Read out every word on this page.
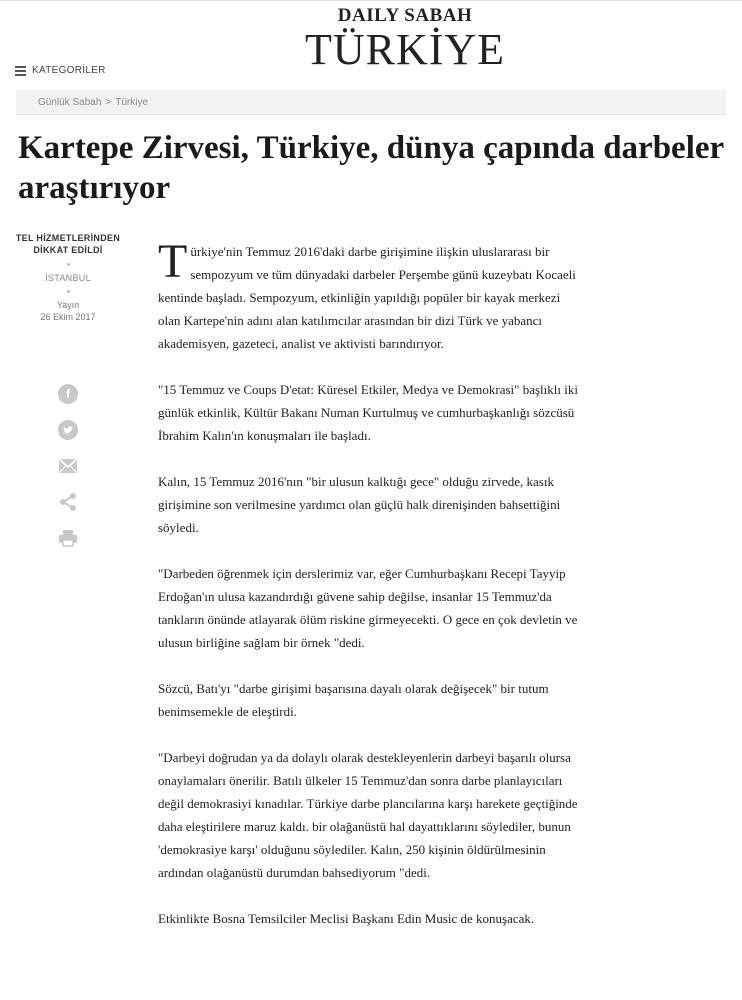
KATEGORİLER
DAILY SABAH
TÜRKİYE
Günlük Sabah > Türkiye
Kartepe Zirvesi, Türkiye, dünya çapında darbeler araştırıyor
TEL HİZMETLERİNDEN DİKKAT EDİLDİ
İSTANBUL
Yayın
26 Ekim 2017
f

Türkiye'nin Temmuz 2016'daki darbe girişimine ilişkin uluslararası bir sempozyum ve tüm dünyadaki darbeler Perşembe günü kuzeybatı Kocaeli kentinde başladı. Sempozyum, etkinliğin yapıldığı popüler bir kayak merkezi olan Kartepe'nin adını alan katılımcılar arasından bir dizi Türk ve yabancı akademisyen, gazeteci, analist ve aktivisti barındırıyor.

"15 Temmuz ve Coups D'etat: Küresel Etkiler, Medya ve Demokrasi" başlıklı iki günlük etkinlik, Kültür Bakanı Numan Kurtulmuş ve cumhurbaşkanlığı sözcüsü İbrahim Kalın'ın konuşmaları ile başladı.

Kalın, 15 Temmuz 2016'nın "bir ulusun kalktığı gece" olduğu zirvede, kasık girişimine son verilmesine yardımcı olan güçlü halk direnişinden bahsettiğini söyledi.

"Darbeden öğrenmek için derslerimiz var, eğer Cumhurbaşkanı Recepi Tayyip Erdoğan'ın ulusa kazandırdığı güvene sahip değilse, insanlar 15 Temmuz'da tankların önünde atlayarak ölüm riskine girmeyecekti. O gece en çok devletin ve ulusun birliğine sağlam bir örnek "dedi.

Sözcü, Batı'yı "darbe girişimi başarısına dayalı olarak değişecek" bir tutum benimsemekle de eleştirdi.

"Darbeyi doğrudan ya da dolaylı olarak destekleyenlerin darbeyi başarılı olursa onaylamaları önerilir. Batılı ülkeler 15 Temmuz'dan sonra darbe planlayıcıları değil demokrasiyi kınadılar. Türkiye darbe plancılarına karşı harekete geçtiğinde daha eleştirilere maruz kaldı. bir olağanüstü hal dayattıklarını söylediler, bunun 'demokrasiye karşı' olduğunu söylediler. Kalın, 250 kişinin öldürülmesinin ardından olağanüstü durumdan bahsediyorum "dedi.

Etkinlikte Bosna Temsilciler Meclisi Başkanı Edin Music de konuşacak.
